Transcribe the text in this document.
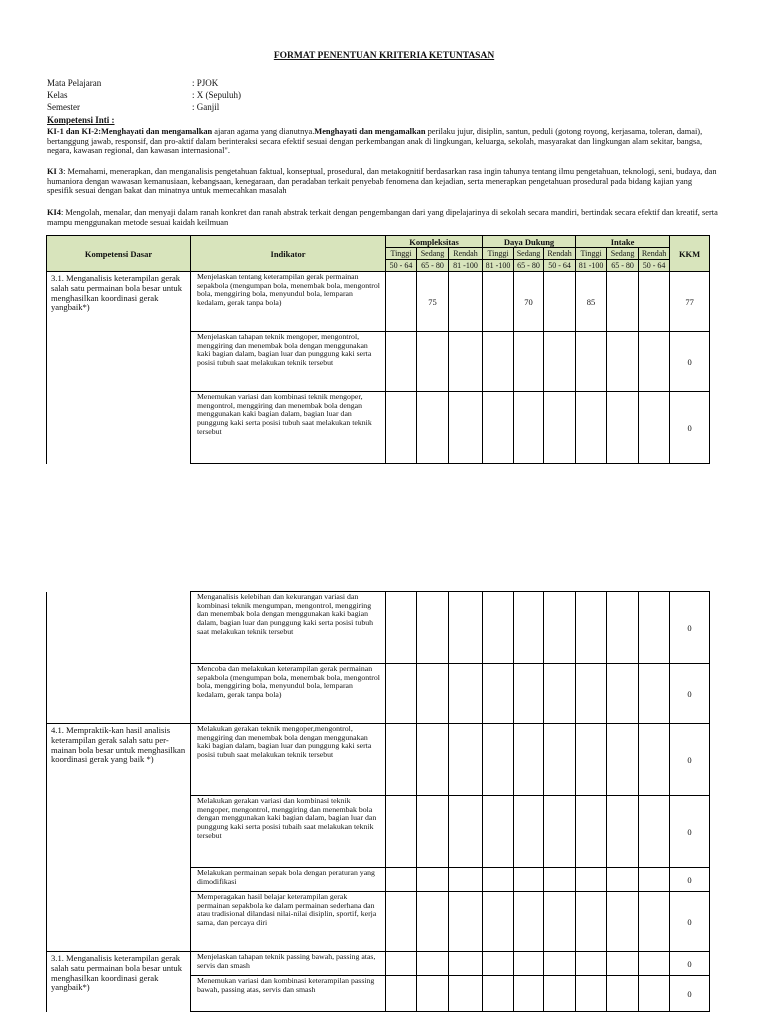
FORMAT PENENTUAN KRITERIA KETUNTASAN
Mata Pelajaran	: PJOK
Kelas	: X (Sepuluh)
Semester	: Ganjil
Kompetensi Inti :
KI-1 dan KI-2:Menghayati dan mengamalkan ajaran agama yang dianutnya.Menghayati dan mengamalkan perilaku jujur, disiplin, santun, peduli (gotong royong, kerjasama, toleran, damai), bertanggung jawab, responsif, dan pro-aktif dalam berinteraksi secara efektif sesuai dengan perkembangan anak di lingkungan, keluarga, sekolah, masyarakat dan lingkungan alam sekitar, bangsa, negara, kawasan regional, dan kawasan internasional".
KI 3: Memahami, menerapkan, dan menganalisis pengetahuan faktual, konseptual, prosedural, dan metakognitif berdasarkan rasa ingin tahunya tentang ilmu pengetahuan, teknologi, seni, budaya, dan humaniora dengan wawasan kemanusiaan, kebangsaan, kenegaraan, dan peradaban terkait penyebab fenomena dan kejadian, serta menerapkan pengetahuan prosedural pada bidang kajian yang spesifik sesuai dengan bakat dan minatnya untuk memecahkan masalah
KI4: Mengolah, menalar, dan menyaji dalam ranah konkret dan ranah abstrak terkait dengan pengembangan dari yang dipelajarinya di sekolah secara mandiri, bertindak secara efektif dan kreatif, serta mampu menggunakan metode sesuai kaidah keilmuan
Kompetensi Dasar	Indikator	Kompleksitas			Daya Dukung			Intake			KKM
		Tinggi	Sedang	Rendah	Tinggi	Sedang	Rendah	Tinggi	Sedang	Rendah	
		50 - 64	65 - 80	81 -100	81 -100	65 - 80	50 - 64	81 -100	65 - 80	50 - 64	
3.1. Menganalisis keterampilan gerak salah satu permainan bola besar untuk menghasilkan koordinasi gerak yangbaik*)	Menjelaskan tentang keterampilan gerak permainan sepakbola (mengumpan bola, menembak bola, mengontrol bola, menggiring bola, menyundul bola, lemparan kedalam, gerak tanpa bola)		75			70		85			77
	Menjelaskan tahapan teknik mengoper, mengontrol, menggiring dan menembak bola dengan menggunakan kaki bagian dalam, bagian luar dan punggung kaki serta posisi tubuh saat melakukan teknik tersebut										0
	Menemukan variasi dan kombinasi teknik mengoper, mengontrol, menggiring dan menembak bola dengan menggunakan kaki bagian dalam, bagian luar dan punggung kaki serta posisi tubuh saat melakukan teknik tersebut										0
	Menganalisis kelebihan dan kekurangan variasi dan kombinasi teknik mengumpan, mengontrol, menggiring dan menembak bola dengan menggunakan kaki bagian dalam, bagian luar dan punggung kaki serta posisi tubuh saat melakukan teknik tersebut										0
	Mencoba dan melakukan keterampilan gerak permainan sepakbola (mengumpan bola, menembak bola, mengontrol bola, menggiring bola, menyundul bola, lemparan kedalam, gerak tanpa bola)										0
4.1. Mempraktik-kan hasil analisis keterampilan gerak salah satu per-mainan bola besar untuk menghasilkan koordinasi gerak yang baik *)	Melakukan gerakan teknik mengoper,mengontrol, menggiring dan menembak bola dengan menggunakan kaki bagian dalam, bagian luar dan punggung kaki serta posisi tubuh saat melakukan teknik tersebut										0
	Melakukan gerakan variasi dan kombinasi teknik mengoper, mengontrol, menggiring dan menembak bola dengan menggunakan kaki bagian dalam, bagian luar dan punggung kaki serta posisi tubaih saat melakukan teknik tersebut										0
	Melakukan permainan sepak bola dengan peraturan yang dimodifikasi										0
	Memperagakan hasil belajar keterampilan gerak permainan sepakbola ke dalam permainan sederhana dan atau tradisional dilandasi nilai-nilai disiplin, sportif, kerja sama, dan percaya diri										0
3.1. Menganalisis keterampilan gerak salah satu permainan bola besar untuk menghasilkan koordinasi gerak yangbaik*)	Menjelaskan tahapan teknik passing bawah, passing atas, servis dan smash										0
	Menemukan variasi dan kombinasi keterampilan passing bawah, passing atas, servis dan smash										0
